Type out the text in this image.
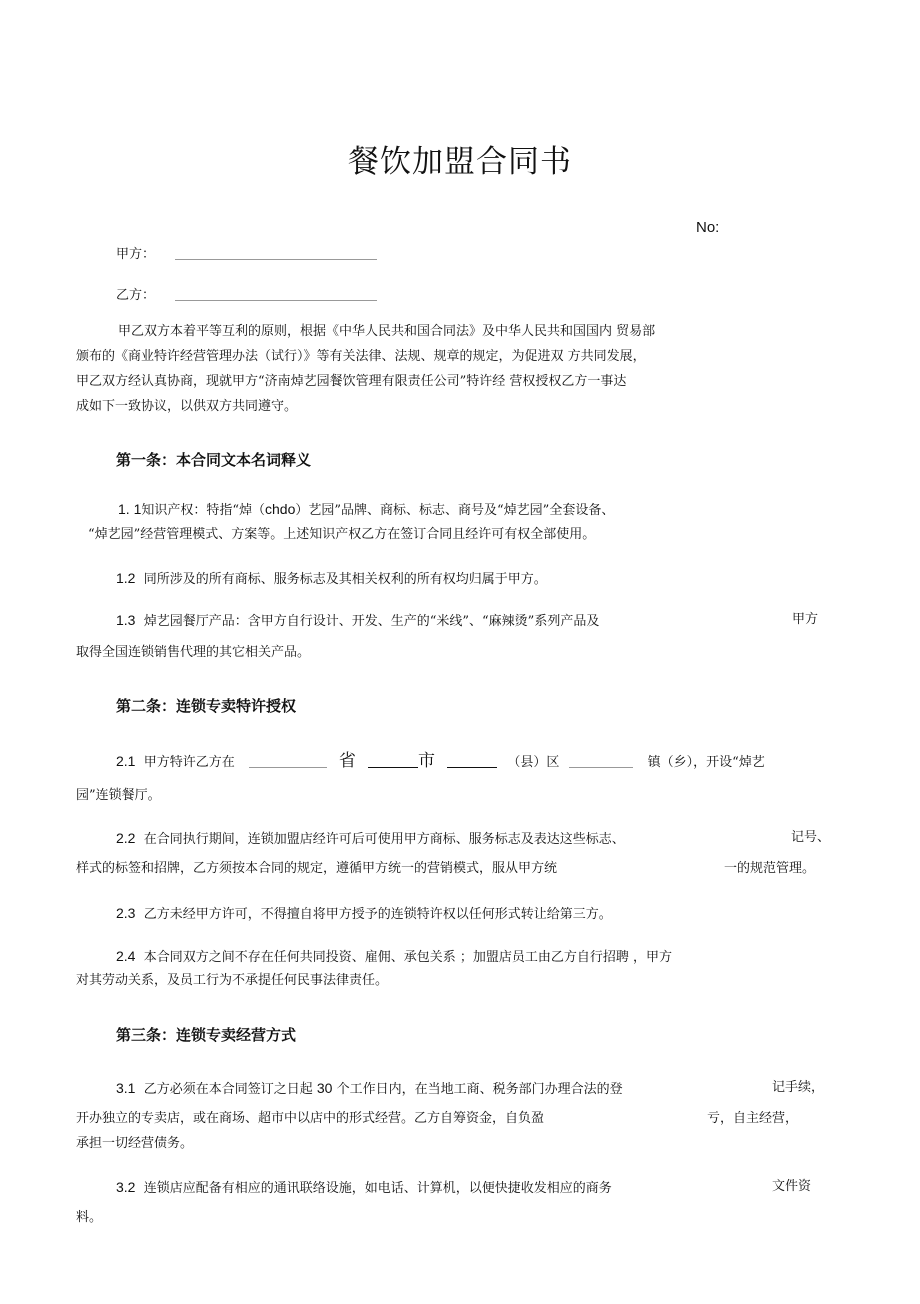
餐饮加盟合同书
No:
甲方：
乙方：
甲乙双方本着平等互利的原则，根据《中华人民共和国合同法》及中华人民共和国国内 贸易部
颁布的《商业特许经营管理办法（试行）》等有关法律、法规、规章的规定，为促进双 方共同发展，
甲乙双方经认真协商，现就甲方“济南焯艺园餐饮管理有限责任公司”特许经 营权授权乙方一事达
成如下一致协议，以供双方共同遵守。
第一条：本合同文本名词释义
1. 1知识产权：特指“焯（chdo）艺园”品牌、商标、标志、商号及“焯艺园”全套设备、
“焯艺园”经营管理模式、方案等。上述知识产权乙方在签订合同且经许可有权全部使用。
1.2 同所涉及的所有商标、服务标志及其相关权利的所有权均归属于甲方。
1.3 焯艺园餐厅产品：含甲方自行设计、开发、生产的“米线”、“麻辣烫”系列产品及	甲方
取得全国连锁销售代理的其它相关产品。
第二条：连锁专卖特许授权
2.1 甲方特许乙方在	省	市	（县）区	镇（乡），开设“焯艺
园”连锁餐厅。
2.2 在合同执行期间，连锁加盟店经许可后可使用甲方商标、服务标志及表达这些标志、	记号、
样式的标签和招牌，乙方须按本合同的规定，遵循甲方统一的营销模式，服从甲方统	一的规范管理。
2.3 乙方未经甲方许可，不得擅自将甲方授予的连锁特许权以任何形式转让给第三方。
2.4 本合同双方之间不存在任何共同投资、雇佣、承包关系 ；加盟店员工由乙方自行招聘 ，甲方
对其劳动关系，及员工行为不承提任何民事法律责任。
第三条：连锁专卖经营方式
3.1 乙方必须在本合同签订之日起 30 个工作日内，在当地工商、税务部门办理合法的登	记手续，
开办独立的专卖店，或在商场、超市中以店中的形式经营。乙方自筹资金，自负盈	亏，自主经营，
承担一切经营债务。
3.2 连锁店应配备有相应的通讯联络设施，如电话、计算机，以便快捷收发相应的商务	文件资
料。
